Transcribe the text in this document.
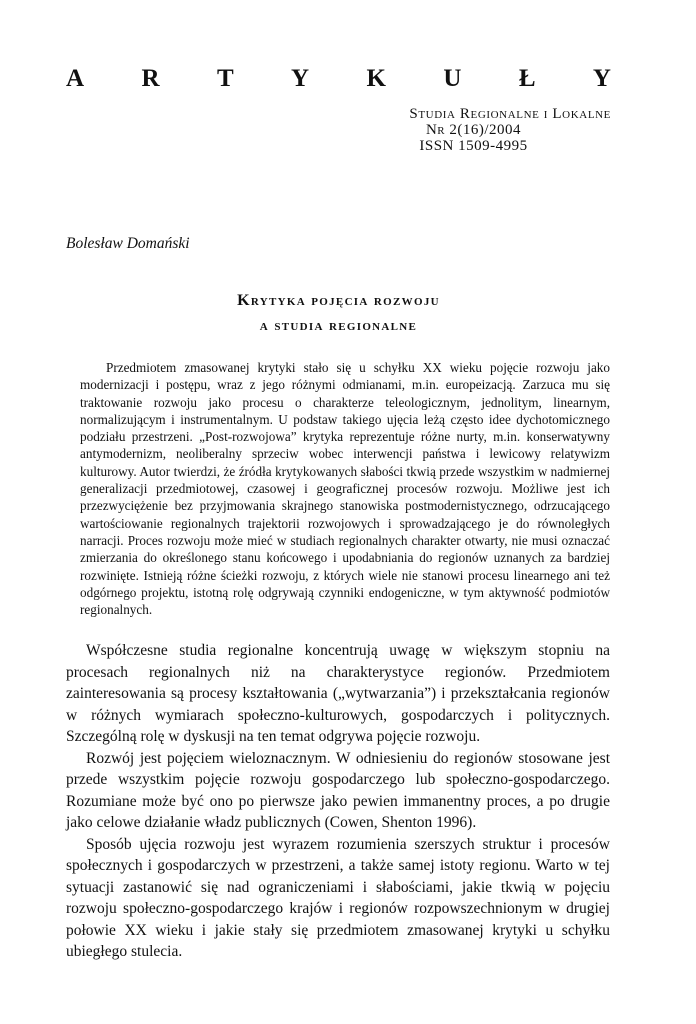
A R T Y K U Ł Y
Studia Regionalne i Lokalne
Nr 2(16)/2004
ISSN 1509-4995
Bolesław Domański
Krytyka pojęcia rozwoju
a studia regionalne

Przedmiotem zmasowanej krytyki stało się u schyłku XX wieku pojęcie rozwoju jako modernizacji i postępu, wraz z jego różnymi odmianami, m.in. europeizacją. Zarzuca mu się traktowanie rozwoju jako procesu o charakterze teleologicznym, jednolitym, linearnym, normalizującym i instrumentalnym. U podstaw takiego ujęcia leżą często idee dychotomicznego podziału przestrzeni. „Post-rozwojowa” krytyka reprezentuje różne nurty, m.in. konserwatywny antymodernizm, neoliberalny sprzeciw wobec interwencji państwa i lewicowy relatywizm kulturowy. Autor twierdzi, że źródła krytykowanych słabości tkwią przede wszystkim w nadmiernej generalizacji przedmiotowej, czasowej i geograficznej procesów rozwoju. Możliwe jest ich przezwyciężenie bez przyjmowania skrajnego stanowiska postmodernistycznego, odrzucającego wartościowanie regionalnych trajektorii rozwojowych i sprowadzającego je do równoległych narracji. Proces rozwoju może mieć w studiach regionalnych charakter otwarty, nie musi oznaczać zmierzania do określonego stanu końcowego i upodabniania do regionów uznanych za bardziej rozwinięte. Istnieją różne ścieżki rozwoju, z których wiele nie stanowi procesu linearnego ani też odgórnego projektu, istotną rolę odgrywają czynniki endogeniczne, w tym aktywność podmiotów regionalnych.

Współczesne studia regionalne koncentrują uwagę w większym stopniu na procesach regionalnych niż na charakterystyce regionów. Przedmiotem zainteresowania są procesy kształtowania („wytwarzania”) i przekształcania regionów w różnych wymiarach społeczno-kulturowych, gospodarczych i politycznych. Szczególną rolę w dyskusji na ten temat odgrywa pojęcie rozwoju.

Rozwój jest pojęciem wieloznacznym. W odniesieniu do regionów stosowane jest przede wszystkim pojęcie rozwoju gospodarczego lub społeczno-gospodarczego. Rozumiane może być ono po pierwsze jako pewien immanentny proces, a po drugie jako celowe działanie władz publicznych (Cowen, Shenton 1996).

Sposób ujęcia rozwoju jest wyrazem rozumienia szerszych struktur i procesów społecznych i gospodarczych w przestrzeni, a także samej istoty regionu. Warto w tej sytuacji zastanowić się nad ograniczeniami i słabościami, jakie tkwią w pojęciu rozwoju społeczno-gospodarczego krajów i regionów rozpowszechnionym w drugiej połowie XX wieku i jakie stały się przedmiotem zmasowanej krytyki u schyłku ubiegłego stulecia.
